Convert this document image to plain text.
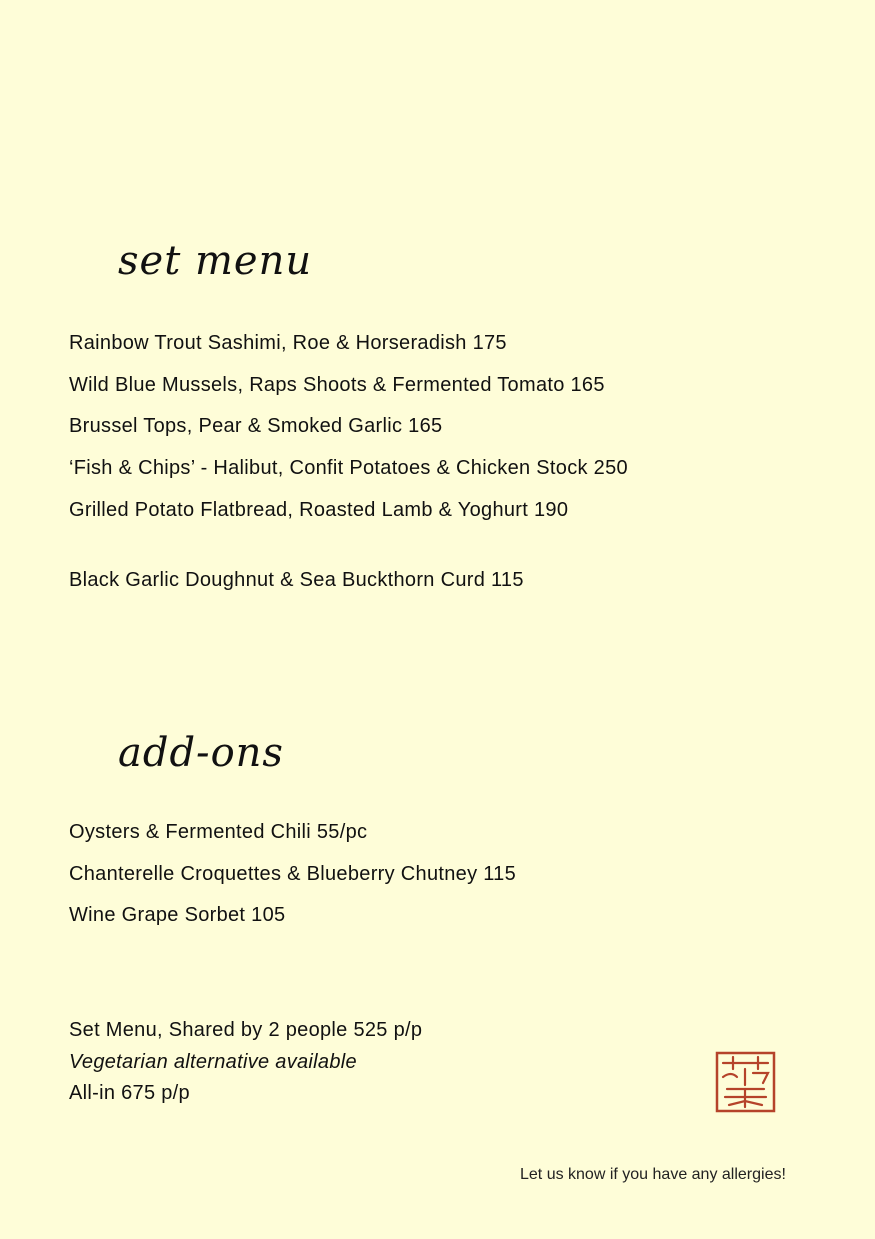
set menu
Rainbow Trout Sashimi, Roe & Horseradish 175
Wild Blue Mussels, Raps Shoots & Fermented Tomato 165
Brussel Tops, Pear & Smoked Garlic 165
‘Fish & Chips’ - Halibut, Confit Potatoes & Chicken Stock 250
Grilled Potato Flatbread, Roasted Lamb & Yoghurt 190
Black Garlic Doughnut & Sea Buckthorn Curd 115
add-ons
Oysters & Fermented Chili 55/pc
Chanterelle Croquettes & Blueberry Chutney 115
Wine Grape Sorbet 105
Set Menu, Shared by 2 people 525 p/p
Vegetarian alternative available
All-in 675 p/p
Let us know if you have any allergies!
